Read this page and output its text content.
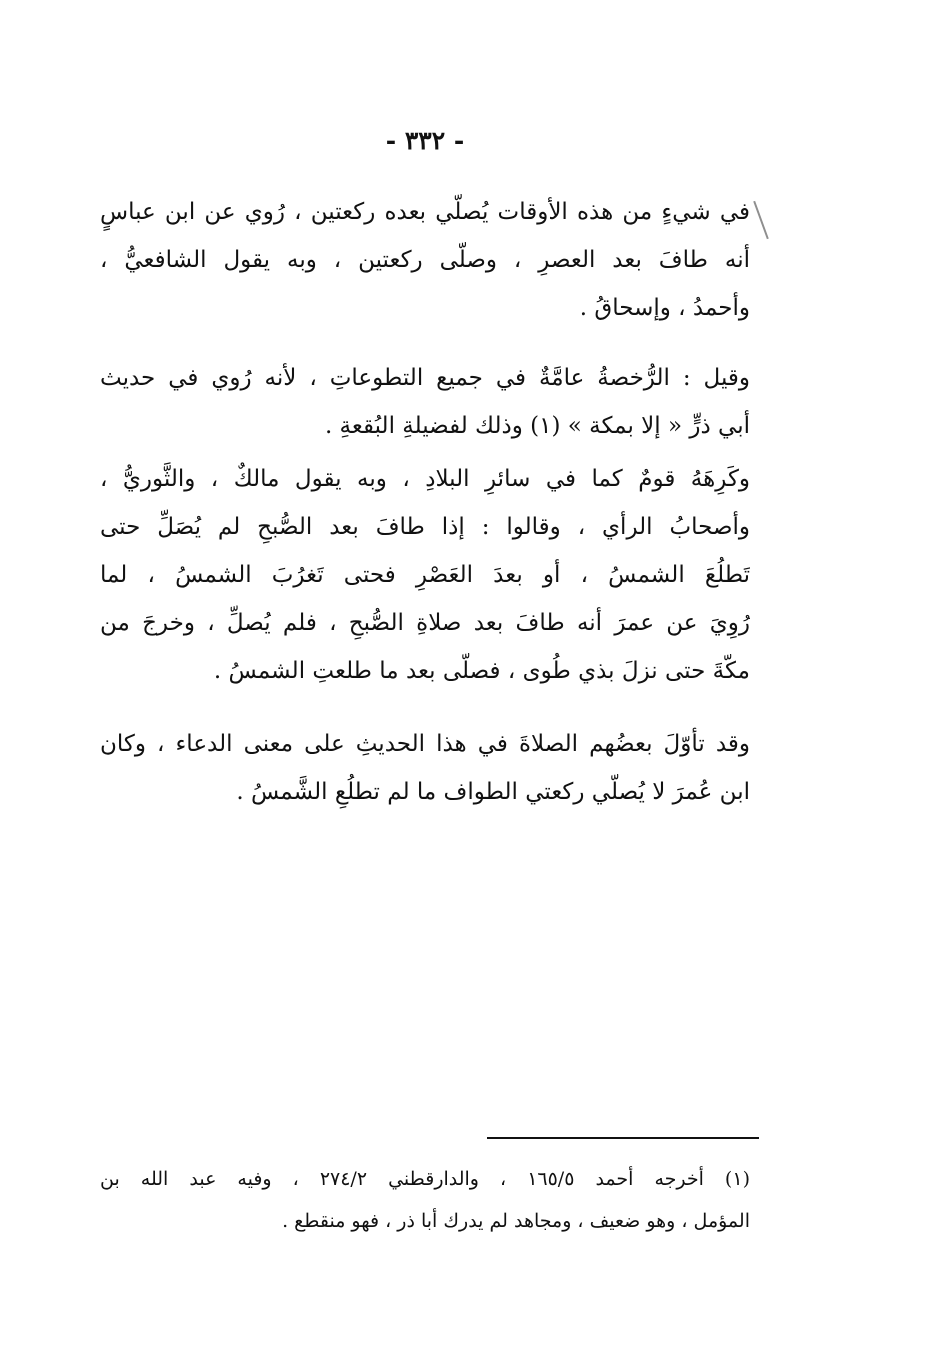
- ٣٣٢ -
في شيءٍ من هذه الأوقات يُصلّي بعده ركعتين ، رُوي عن ابن عباسٍ
أنه طافَ بعد العصرِ ، وصلّى ركعتين ، وبه يقول الشافعيُّ ،
وأحمدُ ، وإسحاقُ .
وقيل : الرُّخصةُ عامَّةٌ في جميع التطوعاتِ ، لأنه رُوي في حديث
أبي ذرٍّ « إلا بمكة » (١) وذلك لفضيلةِ البُقعةِ .
وكَرِهَهُ قومٌ كما في سائرِ البلادِ ، وبه يقول مالكٌ ، والثَّوريُّ ،
وأصحابُ الرأي ، وقالوا : إذا طافَ بعد الصُّبحِ لم يُصَلِّ حتى
تَطلُعَ الشمسُ ، أو بعدَ العَصْرِ فحتى تَغرُبَ الشمسُ ، لما
رُوِيَ عن عمرَ أنه طافَ بعد صلاةِ الصُّبحِ ، فلم يُصلِّ ، وخرجَ من
مكّةَ حتى نزلَ بذي طُوى ، فصلّى بعد ما طلعتِ الشمسُ .
وقد تأوّلَ بعضُهم الصلاةَ في هذا الحديثِ على معنى الدعاء ، وكان
ابن عُمرَ لا يُصلّي ركعتي الطواف ما لم تطلُعِ الشَّمسُ .
(١) أخرجه أحمد ١٦٥/٥ ، والدارقطني ٢٧٤/٢ ، وفيه عبد الله بن
المؤمل ، وهو ضعيف ، ومجاهد لم يدرك أبا ذر ، فهو منقطع .
